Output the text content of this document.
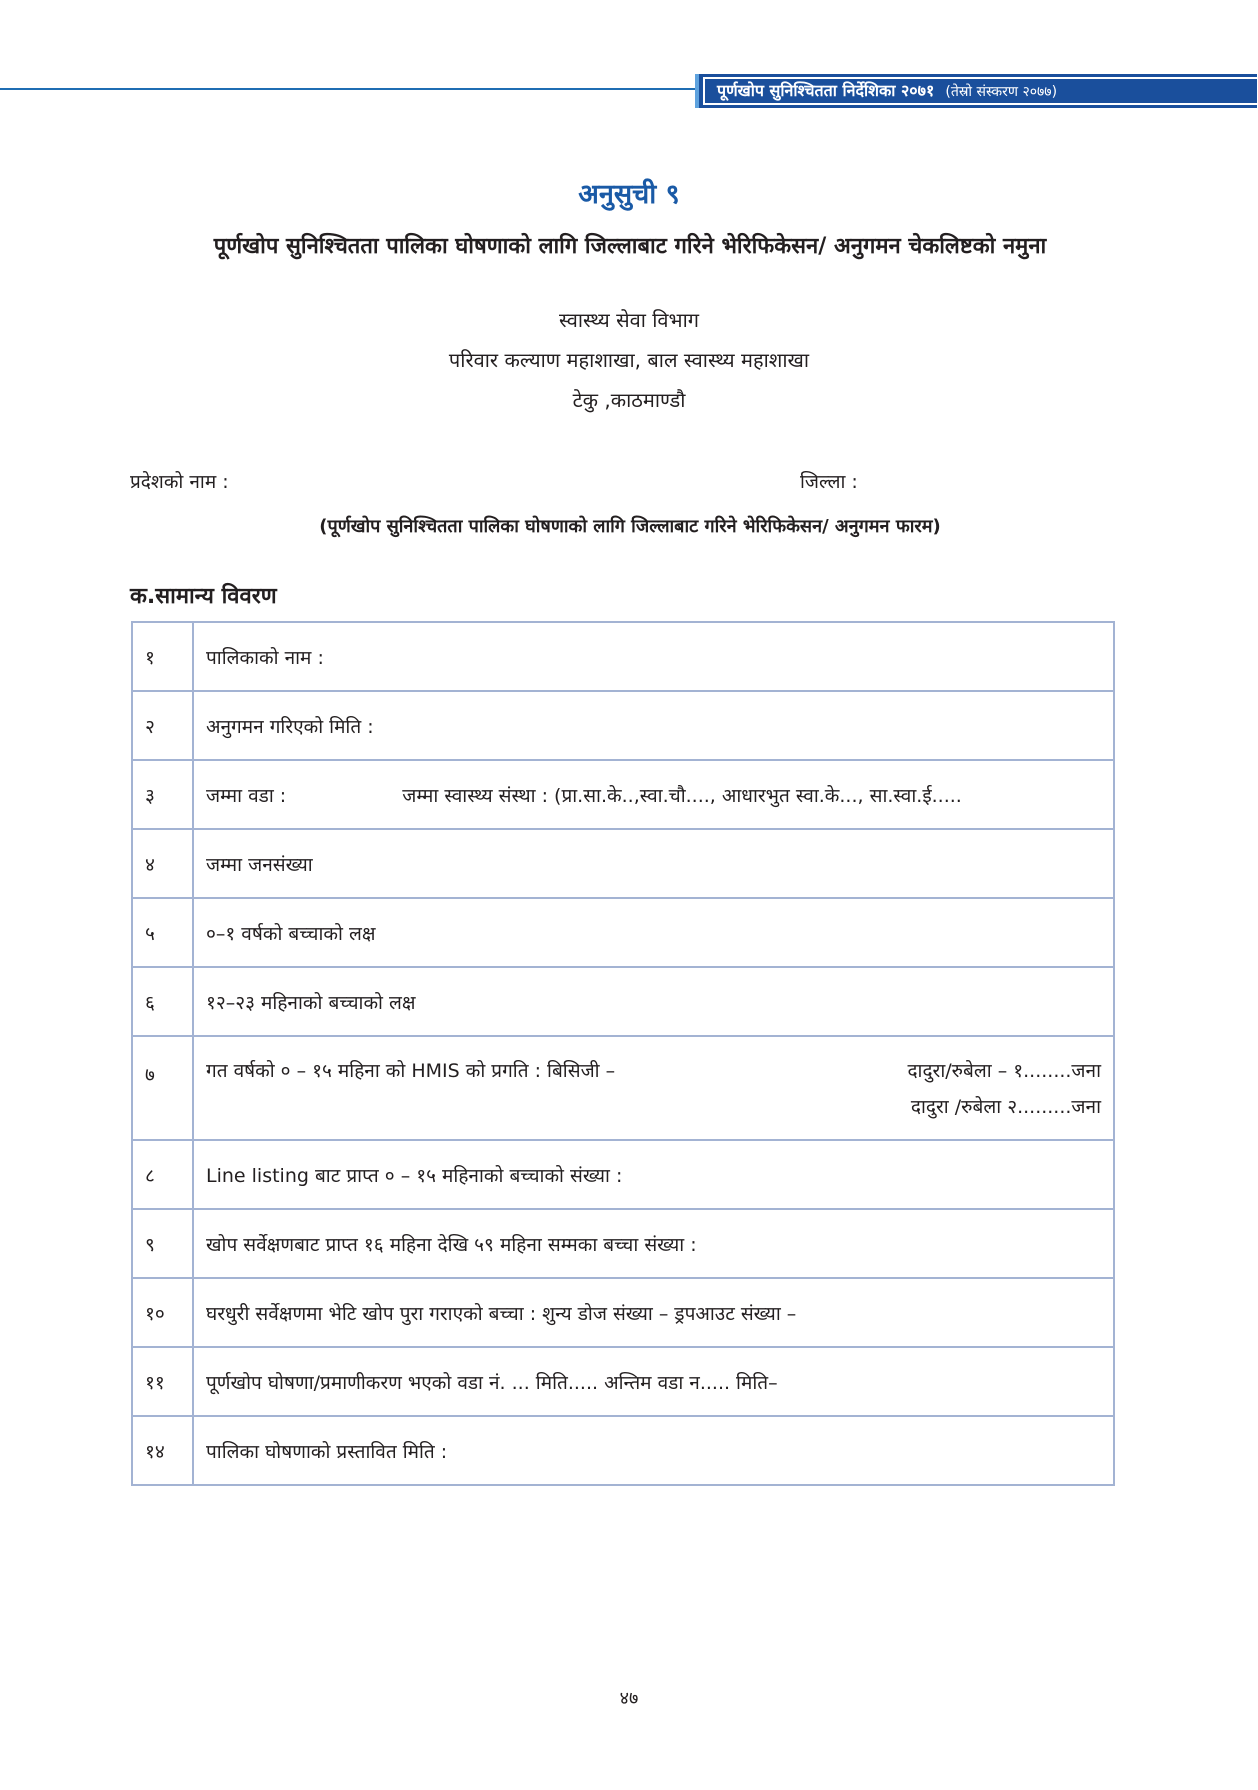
पूर्णखोप सुनिश्चितता निर्देशिका २०७१ (तेस्रो संस्करण २०७७)
अनुसुची ९
पूर्णखोप सुनिश्चितता पालिका घोषणाको लागि जिल्लाबाट गरिने भेरिफिकेसन/ अनुगमन चेकलिष्टको नमुना
स्वास्थ्य सेवा विभाग
परिवार कल्याण महाशाखा, बाल स्वास्थ्य महाशाखा
टेकु ,काठमाण्डौ
प्रदेशको नाम :	जिल्ला :
(पूर्णखोप सुनिश्चितता पालिका घोषणाको लागि जिल्लाबाट गरिने भेरिफिकेसन/ अनुगमन फारम)
क.सामान्य विवरण
१	पालिकाको नाम :
२	अनुगमन गरिएको मिति :
३	जम्मा वडा : जम्मा स्वास्थ्य संस्था : (प्रा.सा.के..,स्वा.चौ...., आधारभुत स्वा.के..., सा.स्वा.ई.....
४	जम्मा जनसंख्या
५	०–१ वर्षको बच्चाको लक्ष
६	१२–२३ महिनाको बच्चाको लक्ष
७	गत वर्षको ० – १५ महिना को HMIS को प्रगति : बिसिजी – दादुरा/रुबेला – १........जना
दादुरा /रुबेला २.........जना

८	Line listing बाट प्राप्त ० – १५ महिनाको बच्चाको संख्या :
९	खोप सर्वेक्षणबाट प्राप्त १६ महिना देखि ५९ महिना सम्मका बच्चा संख्या :
१०	घरधुरी सर्वेक्षणमा भेटि खोप पुरा गराएको बच्चा : शुन्य डोज संख्या – ड्रपआउट संख्या –
११	पूर्णखोप घोषणा/प्रमाणीकरण भएको वडा नं. ... मिति..... अन्तिम वडा न..... मिति–
१४	पालिका घोषणाको प्रस्तावित मिति :
४७
